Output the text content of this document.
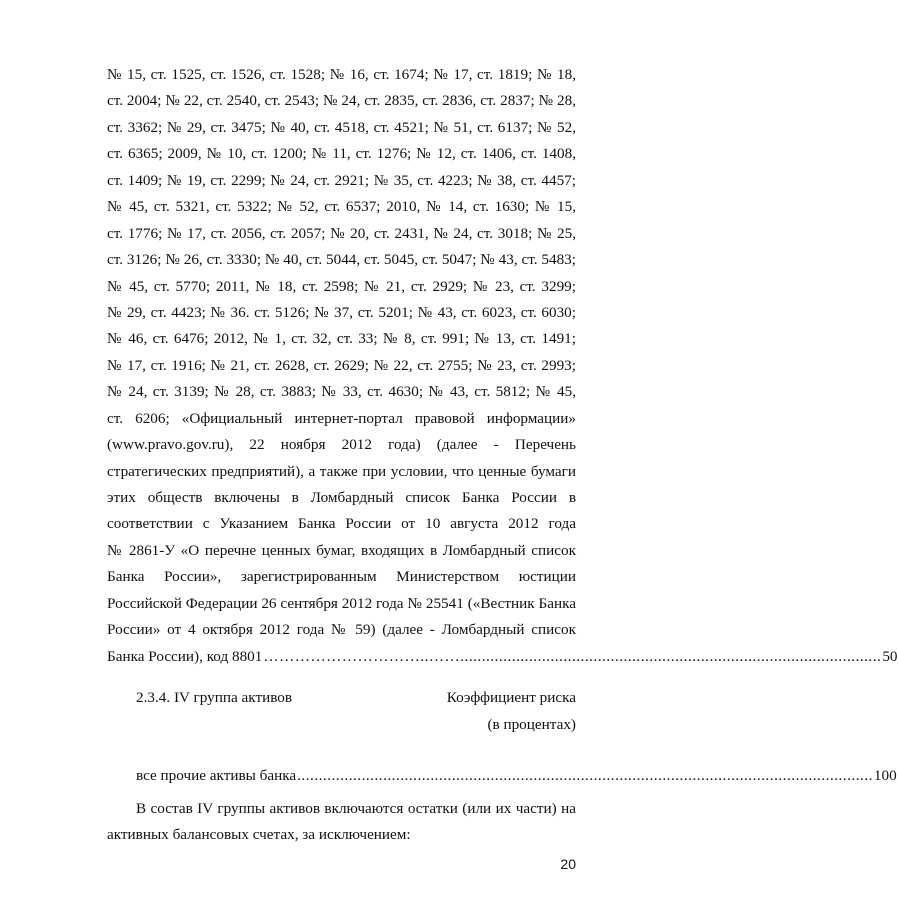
№ 15, ст. 1525, ст. 1526, ст. 1528; № 16, ст. 1674; № 17, ст. 1819; № 18,
ст. 2004; № 22, ст. 2540, ст. 2543; № 24, ст. 2835, ст. 2836, ст. 2837; № 28,
ст. 3362; № 29, ст. 3475; № 40, ст. 4518, ст. 4521; № 51, ст. 6137; № 52,
ст. 6365; 2009, № 10, ст. 1200; № 11, ст. 1276; № 12, ст. 1406, ст. 1408,
ст. 1409; № 19, ст. 2299; № 24, ст. 2921; № 35, ст. 4223; № 38, ст. 4457;
№ 45, ст. 5321, ст. 5322; № 52, ст. 6537; 2010, № 14, ст. 1630; № 15,
ст. 1776; № 17, ст. 2056, ст. 2057; № 20, ст. 2431, № 24, ст. 3018; № 25,
ст. 3126; № 26, ст. 3330; № 40, ст. 5044, ст. 5045, ст. 5047; № 43, ст. 5483;
№ 45, ст. 5770; 2011, № 18, ст. 2598; № 21, ст. 2929; № 23, ст. 3299;
№ 29, ст. 4423; № 36. ст. 5126; № 37, ст. 5201; № 43, ст. 6023, ст. 6030;
№ 46, ст. 6476; 2012, № 1, ст. 32, ст. 33; № 8, ст. 991; № 13, ст. 1491;
№ 17, ст. 1916; № 21, ст. 2628, ст. 2629; № 22, ст. 2755; № 23, ст. 2993;
№ 24, ст. 3139; № 28, ст. 3883; № 33, ст. 4630; № 43, ст. 5812; № 45,
ст. 6206; «Официальный интернет-портал правовой информации»
(www.pravo.gov.ru), 22 ноября 2012 года) (далее - Перечень
стратегических предприятий), а также при условии, что ценные бумаги
этих обществ включены в Ломбардный список Банка России в
соответствии с Указанием Банка России от 10 августа 2012 года
№ 2861-У «О перечне ценных бумаг, входящих в Ломбардный список
Банка России», зарегистрированным Министерством юстиции
Российской Федерации 26 сентября 2012 года № 25541 («Вестник Банка
России» от 4 октября 2012 года № 59) (далее - Ломбардный список
Банка России), код 8801 …………………………..…….................................................................................................. 50
2.3.4. IV группа активов	Коэффициент риска
(в процентах)
все прочие активы банка ...................................................................................................................................... 100
В состав IV группы активов включаются остатки (или их части) на
активных балансовых счетах, за исключением:
20
